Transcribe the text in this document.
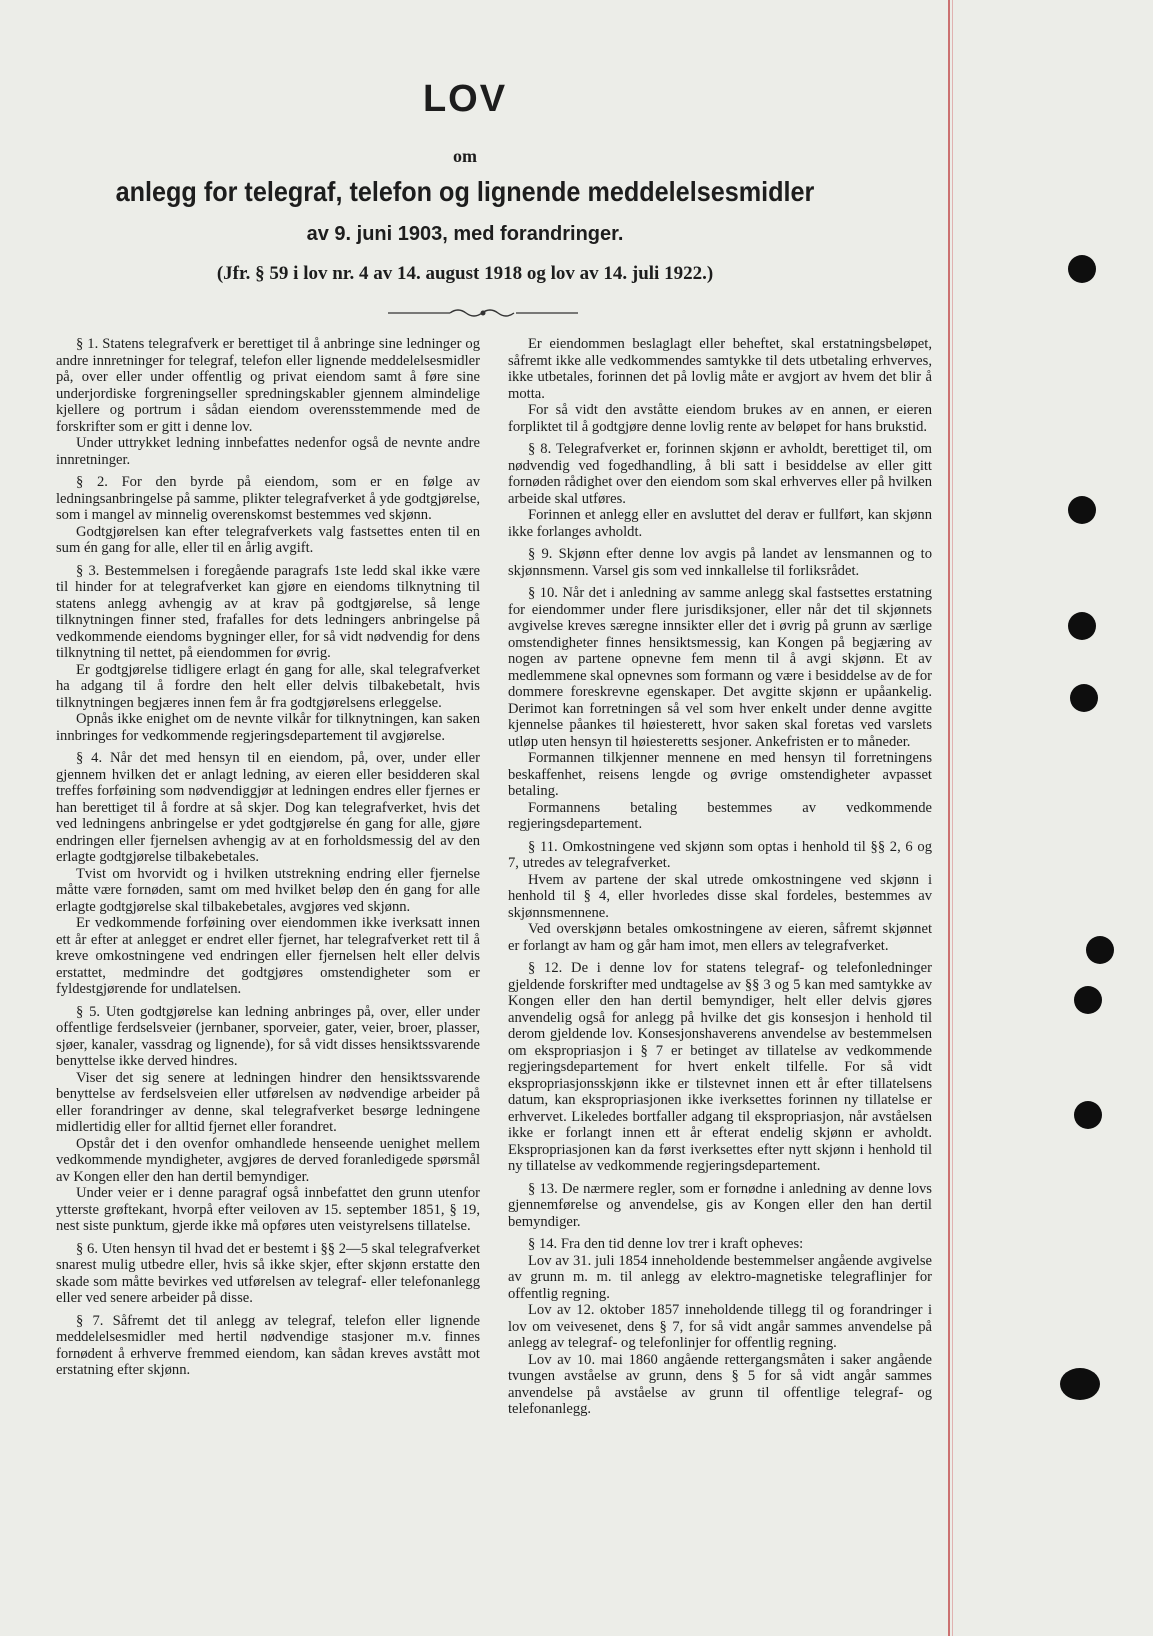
LOV
om
anlegg for telegraf, telefon og lignende meddelelsesmidler
av 9. juni 1903, med forandringer.
(Jfr. § 59 i lov nr. 4 av 14. august 1918 og lov av 14. juli 1922.)

§ 1. Statens telegrafverk er berettiget til å anbringe sine ledninger og andre innretninger for telegraf, telefon eller lignende meddelelsesmidler på, over eller under offentlig og privat eiendom samt å føre sine underjordiske forgreningseller spredningskabler gjennem almindelige kjellere og portrum i sådan eiendom overensstemmende med de forskrifter som er gitt i denne lov.

Under uttrykket ledning innbefattes nedenfor også de nevnte andre innretninger.

§ 2. For den byrde på eiendom, som er en følge av ledningsanbringelse på samme, plikter telegrafverket å yde godtgjørelse, som i mangel av minnelig overenskomst bestemmes ved skjønn.

Godtgjørelsen kan efter telegrafverkets valg fastsettes enten til en sum én gang for alle, eller til en årlig avgift.

§ 3. Bestemmelsen i foregående paragrafs 1ste ledd skal ikke være til hinder for at telegrafverket kan gjøre en eiendoms tilknytning til statens anlegg avhengig av at krav på godtgjørelse, så lenge tilknytningen finner sted, frafalles for dets ledningers anbringelse på vedkommende eiendoms bygninger eller, for så vidt nødvendig for dens tilknytning til nettet, på eiendommen for øvrig.

Er godtgjørelse tidligere erlagt én gang for alle, skal telegrafverket ha adgang til å fordre den helt eller delvis tilbakebetalt, hvis tilknytningen begjæres innen fem år fra godtgjørelsens erleggelse.

Opnås ikke enighet om de nevnte vilkår for tilknytningen, kan saken innbringes for vedkommende regjeringsdepartement til avgjørelse.

§ 4. Når det med hensyn til en eiendom, på, over, under eller gjennem hvilken det er anlagt ledning, av eieren eller besidderen skal treffes forføining som nødvendiggjør at ledningen endres eller fjernes er han berettiget til å fordre at så skjer. Dog kan telegrafverket, hvis det ved ledningens anbringelse er ydet godtgjørelse én gang for alle, gjøre endringen eller fjernelsen avhengig av at en forholdsmessig del av den erlagte godtgjørelse tilbakebetales.

Tvist om hvorvidt og i hvilken utstrekning endring eller fjernelse måtte være fornøden, samt om med hvilket beløp den én gang for alle erlagte godtgjørelse skal tilbakebetales, avgjøres ved skjønn.

Er vedkommende forføining over eiendommen ikke iverksatt innen ett år efter at anlegget er endret eller fjernet, har telegrafverket rett til å kreve omkostningene ved endringen eller fjernelsen helt eller delvis erstattet, medmindre det godtgjøres omstendigheter som er fyldestgjørende for undlatelsen.

§ 5. Uten godtgjørelse kan ledning anbringes på, over, eller under offentlige ferdselsveier (jernbaner, sporveier, gater, veier, broer, plasser, sjøer, kanaler, vassdrag og lignende), for så vidt disses hensiktssvarende benyttelse ikke derved hindres.

Viser det sig senere at ledningen hindrer den hensiktssvarende benyttelse av ferdselsveien eller utførelsen av nødvendige arbeider på eller forandringer av denne, skal telegrafverket besørge ledningene midlertidig eller for alltid fjernet eller forandret.

Opstår det i den ovenfor omhandlede henseende uenighet mellem vedkommende myndigheter, avgjøres de derved foranledigede spørsmål av Kongen eller den han dertil bemyndiger.

Under veier er i denne paragraf også innbefattet den grunn utenfor ytterste grøftekant, hvorpå efter veiloven av 15. september 1851, § 19, nest siste punktum, gjerde ikke må opføres uten veistyrelsens tillatelse.

§ 6. Uten hensyn til hvad det er bestemt i §§ 2—5 skal telegrafverket snarest mulig utbedre eller, hvis så ikke skjer, efter skjønn erstatte den skade som måtte bevirkes ved utførelsen av telegraf- eller telefonanlegg eller ved senere arbeider på disse.

§ 7. Såfremt det til anlegg av telegraf, telefon eller lignende meddelelsesmidler med hertil nødvendige stasjoner m.v. finnes fornødent å erhverve fremmed eiendom, kan sådan kreves avstått mot erstatning efter skjønn.

Er eiendommen beslaglagt eller beheftet, skal erstatningsbeløpet, såfremt ikke alle vedkommendes samtykke til dets utbetaling erhverves, ikke utbetales, forinnen det på lovlig måte er avgjort av hvem det blir å motta.

For så vidt den avståtte eiendom brukes av en annen, er eieren forpliktet til å godtgjøre denne lovlig rente av beløpet for hans brukstid.

§ 8. Telegrafverket er, forinnen skjønn er avholdt, berettiget til, om nødvendig ved fogedhandling, å bli satt i besiddelse av eller gitt fornøden rådighet over den eiendom som skal erhverves eller på hvilken arbeide skal utføres.

Forinnen et anlegg eller en avsluttet del derav er fullført, kan skjønn ikke forlanges avholdt.

§ 9. Skjønn efter denne lov avgis på landet av lensmannen og to skjønnsmenn. Varsel gis som ved innkallelse til forliksrådet.

§ 10. Når det i anledning av samme anlegg skal fastsettes erstatning for eiendommer under flere jurisdiksjoner, eller når det til skjønnets avgivelse kreves særegne innsikter eller det i øvrig på grunn av særlige omstendigheter finnes hensiktsmessig, kan Kongen på begjæring av nogen av partene opnevne fem menn til å avgi skjønn. Et av medlemmene skal opnevnes som formann og være i besiddelse av de for dommere foreskrevne egenskaper. Det avgitte skjønn er upåankelig. Derimot kan forretningen så vel som hver enkelt under denne avgitte kjennelse påankes til høiesterett, hvor saken skal foretas ved varslets utløp uten hensyn til høiesteretts sesjoner. Ankefristen er to måneder.

Formannen tilkjenner mennene en med hensyn til forretningens beskaffenhet, reisens lengde og øvrige omstendigheter avpasset betaling.

Formannens betaling bestemmes av vedkommende regjeringsdepartement.

§ 11. Omkostningene ved skjønn som optas i henhold til §§ 2, 6 og 7, utredes av telegrafverket.

Hvem av partene der skal utrede omkostningene ved skjønn i henhold til § 4, eller hvorledes disse skal fordeles, bestemmes av skjønnsmennene.

Ved overskjønn betales omkostningene av eieren, såfremt skjønnet er forlangt av ham og går ham imot, men ellers av telegrafverket.

§ 12. De i denne lov for statens telegraf- og telefonledninger gjeldende forskrifter med undtagelse av §§ 3 og 5 kan med samtykke av Kongen eller den han dertil bemyndiger, helt eller delvis gjøres anvendelig også for anlegg på hvilke det gis konsesjon i henhold til derom gjeldende lov. Konsesjonshaverens anvendelse av bestemmelsen om ekspropriasjon i § 7 er betinget av tillatelse av vedkommende regjeringsdepartement for hvert enkelt tilfelle. For så vidt ekspropriasjonsskjønn ikke er tilstevnet innen ett år efter tillatelsens datum, kan ekspropriasjonen ikke iverksettes forinnen ny tillatelse er erhvervet. Likeledes bortfaller adgang til ekspropriasjon, når avståelsen ikke er forlangt innen ett år efterat endelig skjønn er avholdt. Ekspropriasjonen kan da først iverksettes efter nytt skjønn i henhold til ny tillatelse av vedkommende regjeringsdepartement.

§ 13. De nærmere regler, som er fornødne i anledning av denne lovs gjennemførelse og anvendelse, gis av Kongen eller den han dertil bemyndiger.

§ 14. Fra den tid denne lov trer i kraft opheves:

Lov av 31. juli 1854 inneholdende bestemmelser angående avgivelse av grunn m. m. til anlegg av elektro-magnetiske telegraflinjer for offentlig regning.

Lov av 12. oktober 1857 inneholdende tillegg til og forandringer i lov om veivesenet, dens § 7, for så vidt angår sammes anvendelse på anlegg av telegraf- og telefonlinjer for offentlig regning.

Lov av 10. mai 1860 angående rettergangsmåten i saker angående tvungen avståelse av grunn, dens § 5 for så vidt angår sammes anvendelse på avståelse av grunn til offentlige telegraf- og telefonanlegg.
